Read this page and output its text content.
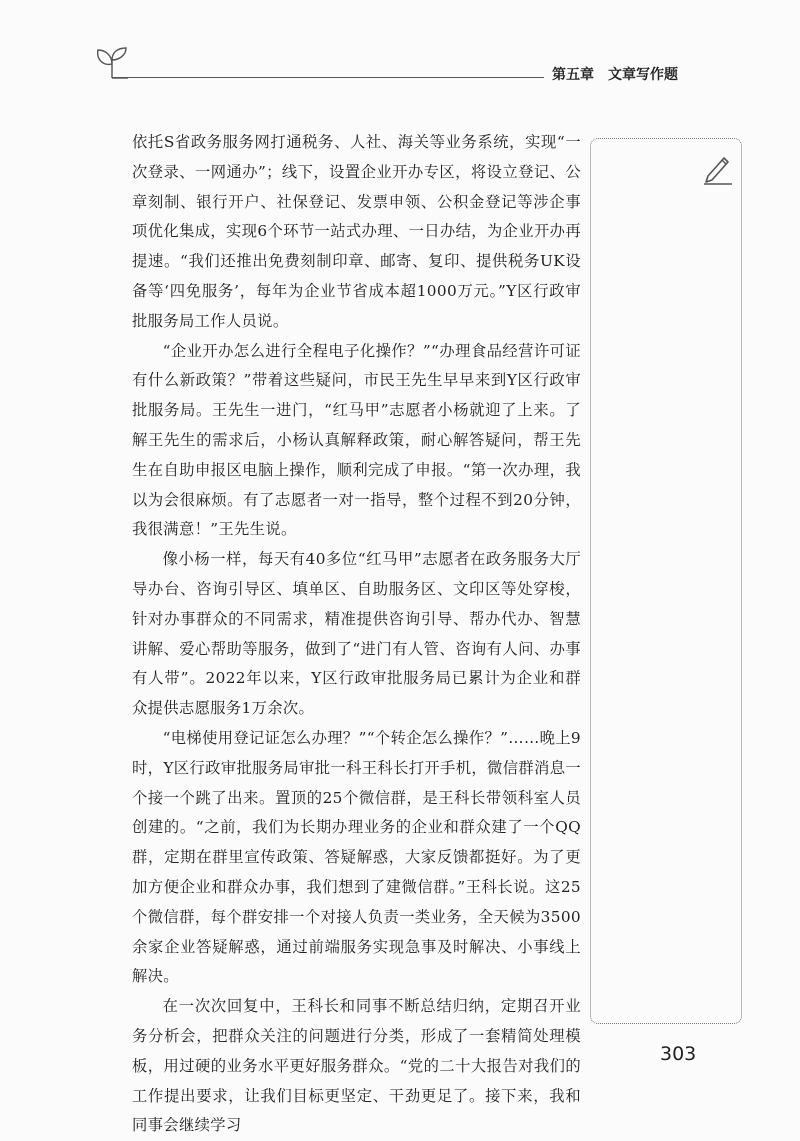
第五章 文章写作题

依托S省政务服务网打通税务、人社、海关等业务系统，实现“一次登录、一网通办”；线下，设置企业开办专区，将设立登记、公章刻制、银行开户、社保登记、发票申领、公积金登记等涉企事项优化集成，实现6个环节一站式办理、一日办结，为企业开办再提速。“我们还推出免费刻制印章、邮寄、复印、提供税务UK设备等‘四免服务’，每年为企业节省成本超1000万元。”Y区行政审批服务局工作人员说。

“企业开办怎么进行全程电子化操作？”“办理食品经营许可证有什么新政策？”带着这些疑问，市民王先生早早来到Y区行政审批服务局。王先生一进门，“红马甲”志愿者小杨就迎了上来。了解王先生的需求后，小杨认真解释政策，耐心解答疑问，帮王先生在自助申报区电脑上操作，顺利完成了申报。“第一次办理，我以为会很麻烦。有了志愿者一对一指导，整个过程不到20分钟，我很满意！”王先生说。

像小杨一样，每天有40多位“红马甲”志愿者在政务服务大厅导办台、咨询引导区、填单区、自助服务区、文印区等处穿梭，针对办事群众的不同需求，精准提供咨询引导、帮办代办、智慧讲解、爱心帮助等服务，做到了“进门有人管、咨询有人问、办事有人带”。2022年以来，Y区行政审批服务局已累计为企业和群众提供志愿服务1万余次。

“电梯使用登记证怎么办理？”“个转企怎么操作？”……晚上9时，Y区行政审批服务局审批一科王科长打开手机，微信群消息一个接一个跳了出来。置顶的25个微信群，是王科长带领科室人员创建的。“之前，我们为长期办理业务的企业和群众建了一个QQ群，定期在群里宣传政策、答疑解惑，大家反馈都挺好。为了更加方便企业和群众办事，我们想到了建微信群。”王科长说。这25个微信群，每个群安排一个对接人负责一类业务，全天候为3500余家企业答疑解惑，通过前端服务实现急事及时解决、小事线上解决。

在一次次回复中，王科长和同事不断总结归纳，定期召开业务分析会，把群众关注的问题进行分类，形成了一套精简处理模板，用过硬的业务水平更好服务群众。“党的二十大报告对我们的工作提出要求，让我们目标更坚定、干劲更足了。接下来，我和同事会继续学习

303
